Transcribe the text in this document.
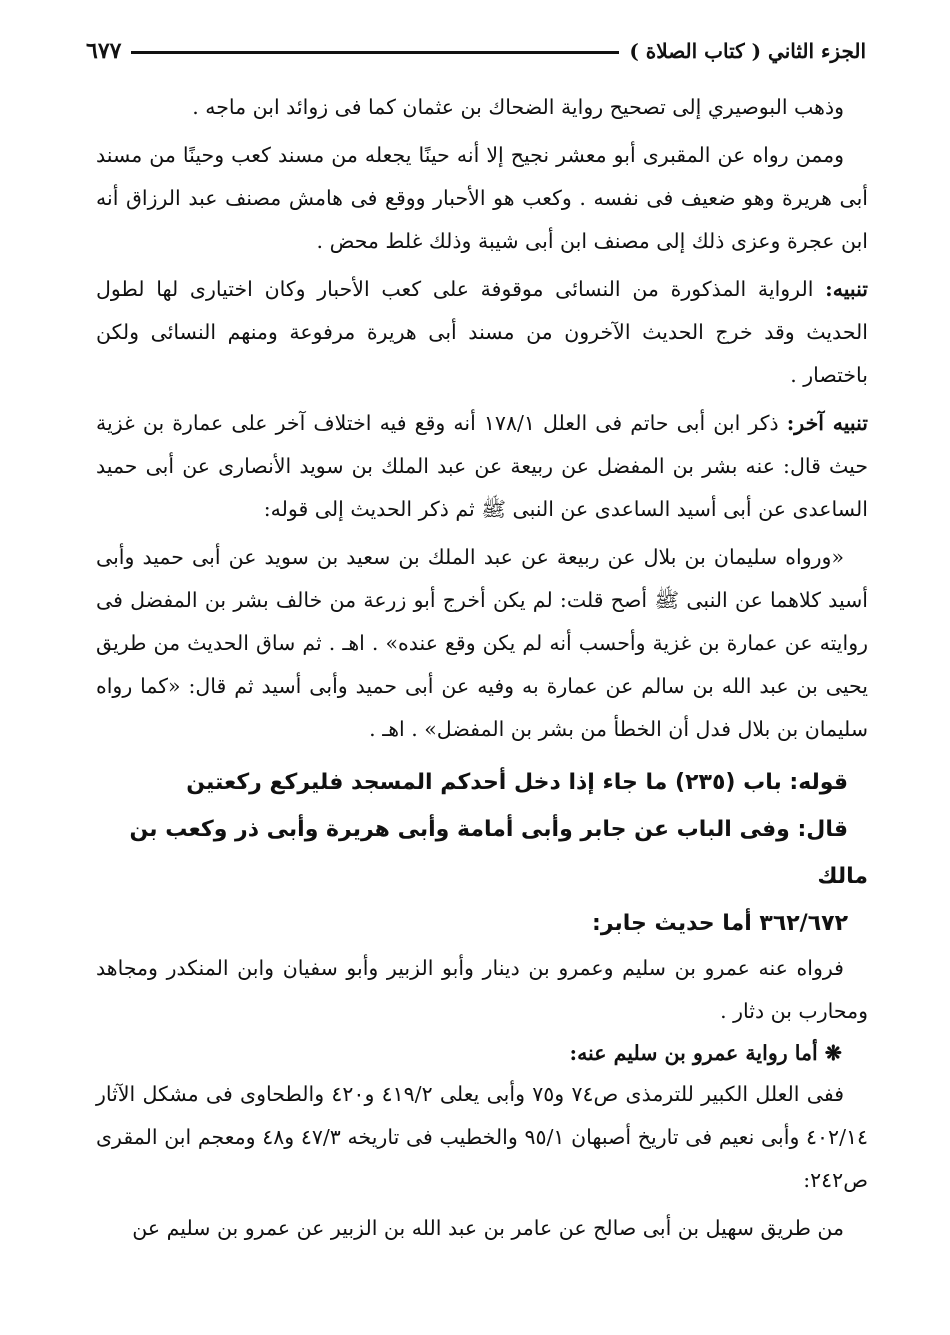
الجزء الثاني ( كتاب الصلاة )
٦٧٧

وذهب البوصيري إلى تصحيح رواية الضحاك بن عثمان كما فى زوائد ابن ماجه .

وممن رواه عن المقبرى أبو معشر نجيح إلا أنه حينًا يجعله من مسند كعب وحينًا من مسند أبى هريرة وهو ضعيف فى نفسه . وكعب هو الأحبار ووقع فى هامش مصنف عبد الرزاق أنه ابن عجرة وعزى ذلك إلى مصنف ابن أبى شيبة وذلك غلط محض .

تنبيه: الرواية المذكورة من النسائى موقوفة على كعب الأحبار وكان اختيارى لها لطول الحديث وقد خرج الحديث الآخرون من مسند أبى هريرة مرفوعة ومنهم النسائى ولكن باختصار .

تنبيه آخر: ذكر ابن أبى حاتم فى العلل ١٧٨/١ أنه وقع فيه اختلاف آخر على عمارة بن غزية حيث قال: عنه بشر بن المفضل عن ربيعة عن عبد الملك بن سويد الأنصارى عن أبى حميد الساعدى عن أبى أسيد الساعدى عن النبى ﷺ ثم ذكر الحديث إلى قوله:

«ورواه سليمان بن بلال عن ربيعة عن عبد الملك بن سعيد بن سويد عن أبى حميد وأبى أسيد كلاهما عن النبى ﷺ أصح قلت: لم يكن أخرج أبو زرعة من خالف بشر بن المفضل فى روايته عن عمارة بن غزية وأحسب أنه لم يكن وقع عنده» . اهـ . ثم ساق الحديث من طريق يحيى بن عبد الله بن سالم عن عمارة به وفيه عن أبى حميد وأبى أسيد ثم قال: «كما رواه سليمان بن بلال فدل أن الخطأ من بشر بن المفضل» . اهـ .

قوله: باب (٢٣٥) ما جاء إذا دخل أحدكم المسجد فليركع ركعتين

قال: وفى الباب عن جابر وأبى أمامة وأبى هريرة وأبى ذر وكعب بن مالك

٣٦٢/٦٧٢ أما حديث جابر:

فرواه عنه عمرو بن سليم وعمرو بن دينار وأبو الزبير وأبو سفيان وابن المنكدر ومجاهد ومحارب بن دثار .

❋ أما رواية عمرو بن سليم عنه:

ففى العلل الكبير للترمذى ص٧٤ و٧٥ وأبى يعلى ٤١٩/٢ و٤٢٠ والطحاوى فى مشكل الآثار ٤٠٢/١٤ وأبى نعيم فى تاريخ أصبهان ٩٥/١ والخطيب فى تاريخه ٤٧/٣ و٤٨ ومعجم ابن المقرى ص٢٤٢:

من طريق سهيل بن أبى صالح عن عامر بن عبد الله بن الزبير عن عمرو بن سليم عن
